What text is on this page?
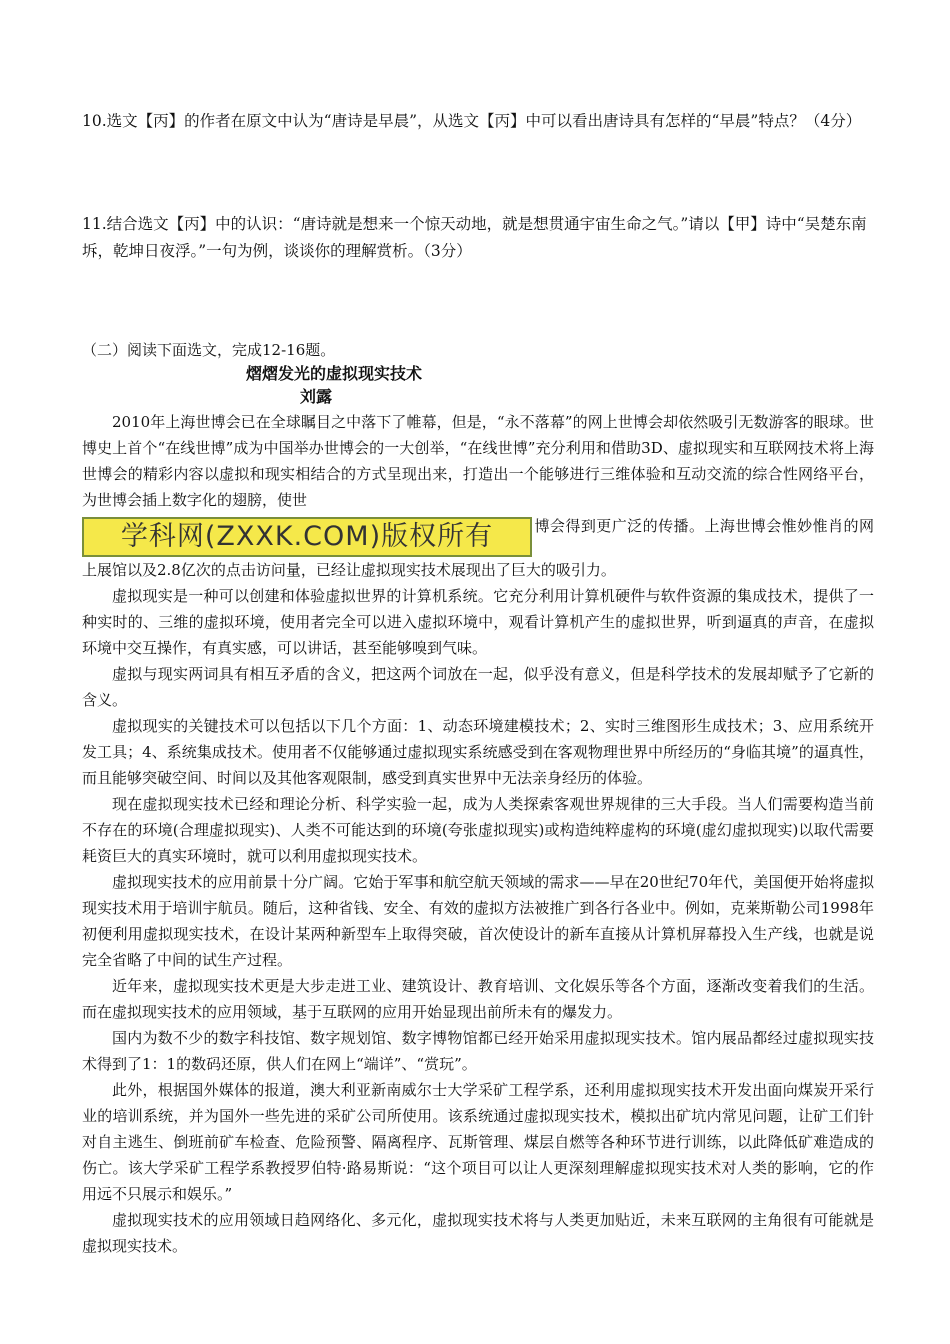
10.选文【丙】的作者在原文中认为“唐诗是早晨”，从选文【丙】中可以看出唐诗具有怎样的“早晨”特点？（4分）
11.结合选文【丙】中的认识：“唐诗就是想来一个惊天动地，就是想贯通宇宙生命之气。”请以【甲】诗中“吴楚东南坼，乾坤日夜浮。”一句为例，谈谈你的理解赏析。（3分）
（二）阅读下面选文，完成12-16题。
熠熠发光的虚拟现实技术
刘露

2010年上海世博会已在全球瞩目之中落下了帷幕，但是，“永不落幕”的网上世博会却依然吸引无数游客的眼球。世博史上首个“在线世博”成为中国举办世博会的一大创举，“在线世博”充分利用和借助3D、虚拟现实和互联网技术将上海世博会的精彩内容以虚拟和现实相结合的方式呈现出来，打造出一个能够进行三维体验和互动交流的综合性网络平台，为世博会插上数字化的翅膀，使世
学科网(ZXXK.COM)版权所有	博会得到更广泛的传播。上海世博会惟妙惟肖的网上展馆以及2.8亿次的点击访问量，已经让虚拟现实技术展现出了巨大的吸引力。

虚拟现实是一种可以创建和体验虚拟世界的计算机系统。它充分利用计算机硬件与软件资源的集成技术，提供了一种实时的、三维的虚拟环境，使用者完全可以进入虚拟环境中，观看计算机产生的虚拟世界，听到逼真的声音，在虚拟环境中交互操作，有真实感，可以讲话，甚至能够嗅到气味。

虚拟与现实两词具有相互矛盾的含义，把这两个词放在一起，似乎没有意义，但是科学技术的发展却赋予了它新的含义。

虚拟现实的关键技术可以包括以下几个方面：1、动态环境建模技术；2、实时三维图形生成技术；3、应用系统开发工具；4、系统集成技术。使用者不仅能够通过虚拟现实系统感受到在客观物理世界中所经历的“身临其境”的逼真性，而且能够突破空间、时间以及其他客观限制，感受到真实世界中无法亲身经历的体验。

现在虚拟现实技术已经和理论分析、科学实验一起，成为人类探索客观世界规律的三大手段。当人们需要构造当前不存在的环境(合理虚拟现实)、人类不可能达到的环境(夸张虚拟现实)或构造纯粹虚构的环境(虚幻虚拟现实)以取代需要耗资巨大的真实环境时，就可以利用虚拟现实技术。

虚拟现实技术的应用前景十分广阔。它始于军事和航空航天领域的需求——早在20世纪70年代，美国便开始将虚拟现实技术用于培训宇航员。随后，这种省钱、安全、有效的虚拟方法被推广到各行各业中。例如，克莱斯勒公司1998年初便利用虚拟现实技术，在设计某两种新型车上取得突破，首次使设计的新车直接从计算机屏幕投入生产线，也就是说完全省略了中间的试生产过程。

近年来，虚拟现实技术更是大步走进工业、建筑设计、教育培训、文化娱乐等各个方面，逐渐改变着我们的生活。而在虚拟现实技术的应用领域，基于互联网的应用开始显现出前所未有的爆发力。

国内为数不少的数字科技馆、数字规划馆、数字博物馆都已经开始采用虚拟现实技术。馆内展品都经过虚拟现实技术得到了1：1的数码还原，供人们在网上“端详”、“赏玩”。

此外，根据国外媒体的报道，澳大利亚新南威尔士大学采矿工程学系，还利用虚拟现实技术开发出面向煤炭开采行业的培训系统，并为国外一些先进的采矿公司所使用。该系统通过虚拟现实技术，模拟出矿坑内常见问题，让矿工们针对自主逃生、倒班前矿车检查、危险预警、隔离程序、瓦斯管理、煤层自燃等各种环节进行训练，以此降低矿难造成的伤亡。该大学采矿工程学系教授罗伯特·路易斯说：“这个项目可以让人更深刻理解虚拟现实技术对人类的影响，它的作用远不只展示和娱乐。”

虚拟现实技术的应用领域日趋网络化、多元化，虚拟现实技术将与人类更加贴近，未来互联网的主角很有可能就是虚拟现实技术。
